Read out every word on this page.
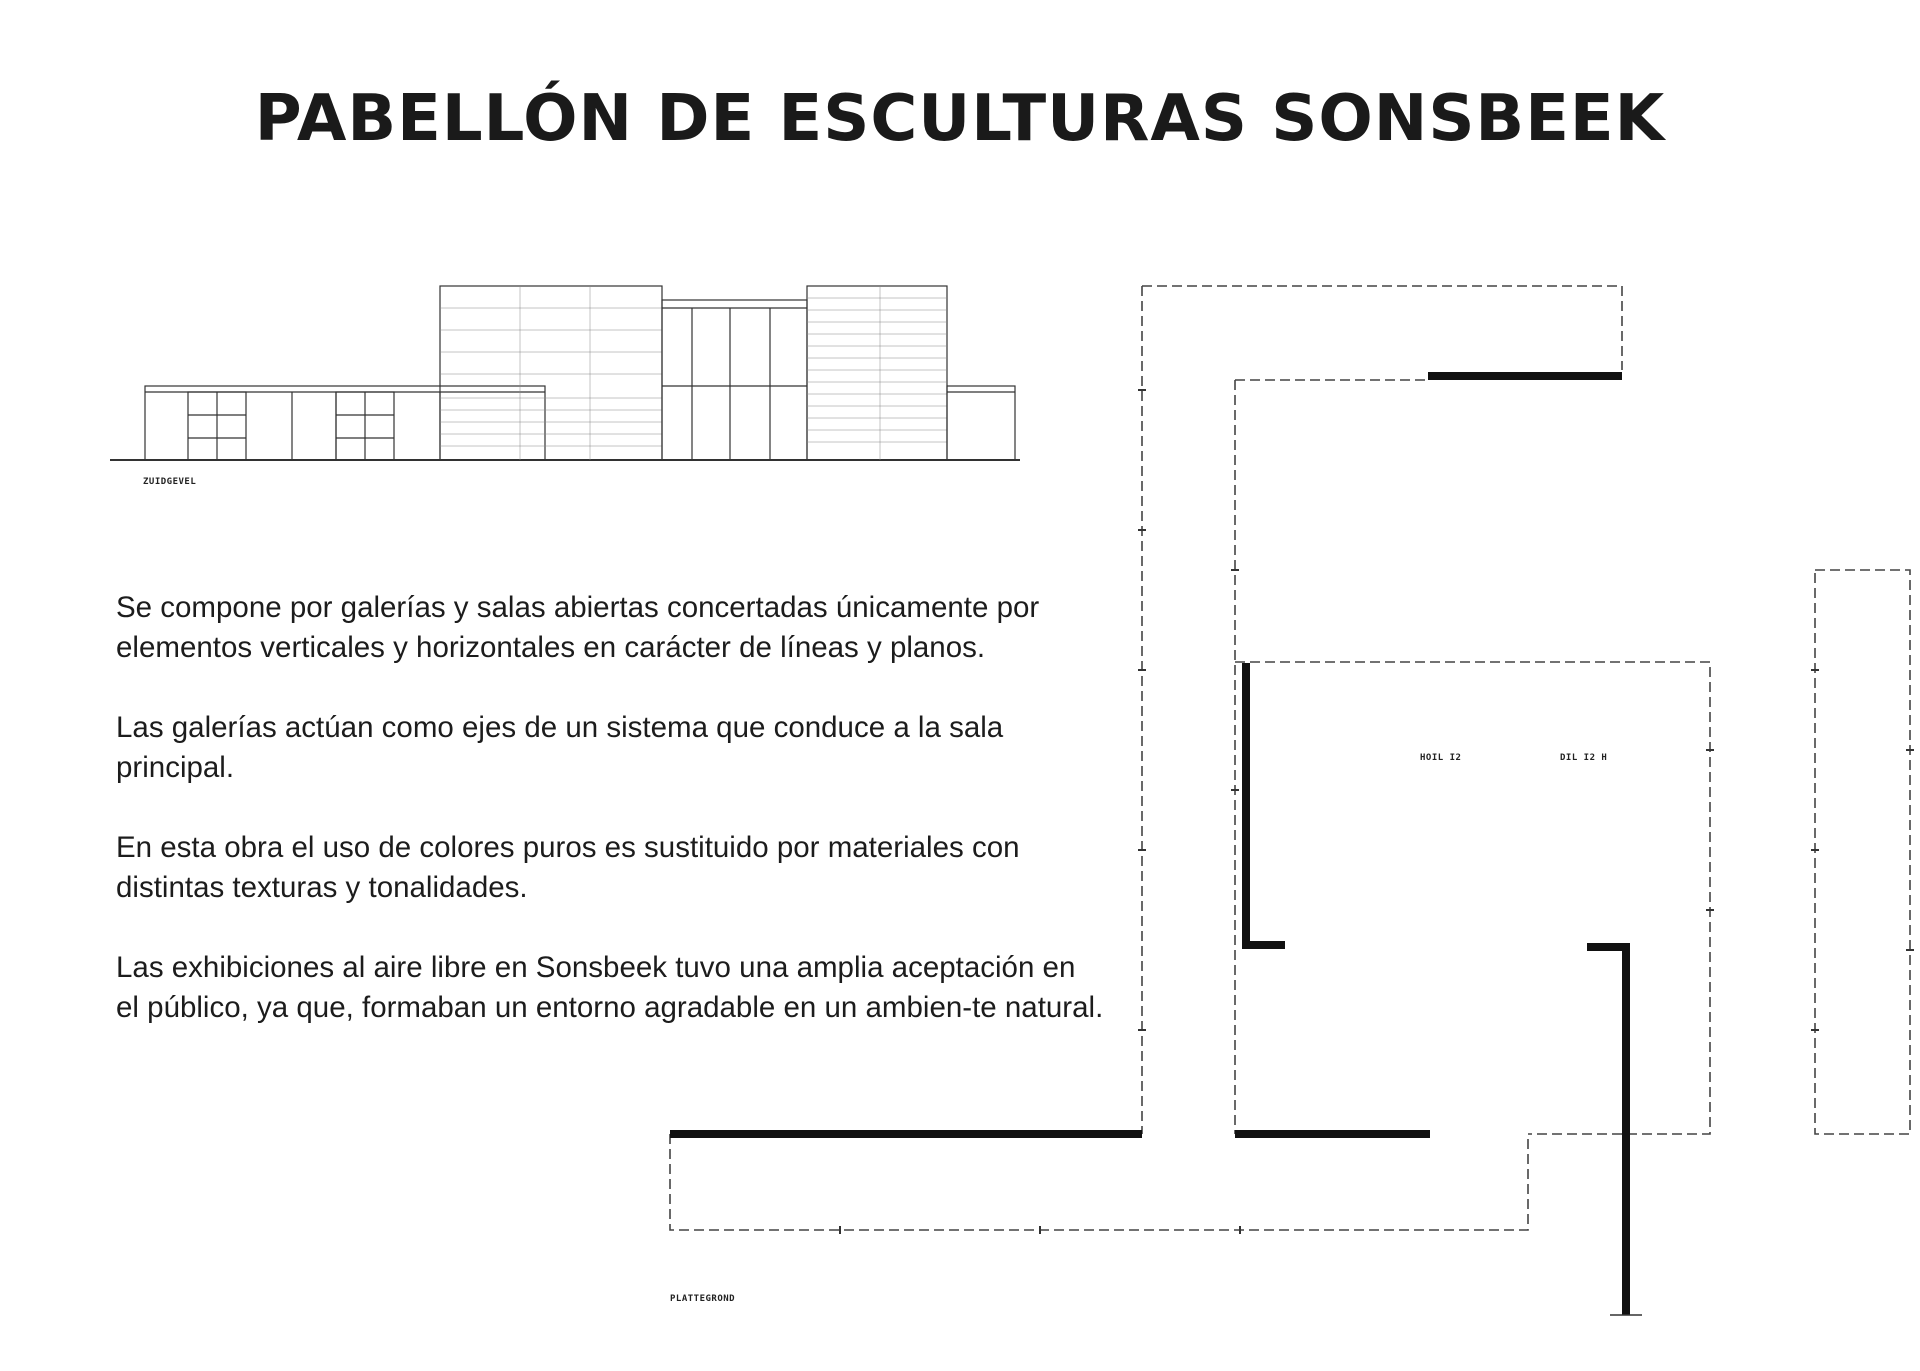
PABELLÓN DE ESCULTURAS SONSBEEK
ZUIDGEVEL
HOIL I2	DIL I2 H
PLATTEGROND

Se compone por galerías y salas abiertas concertadas únicamente por elementos verticales y horizontales en carácter de líneas y planos.

Las galerías actúan como ejes de un sistema que conduce a la sala principal.

En esta obra el uso de colores puros es sustituido por materiales con distintas texturas y tonalidades.

Las exhibiciones al aire libre en Sonsbeek tuvo una amplia aceptación en el público, ya que, formaban un entorno agradable en un ambien-te natural.
